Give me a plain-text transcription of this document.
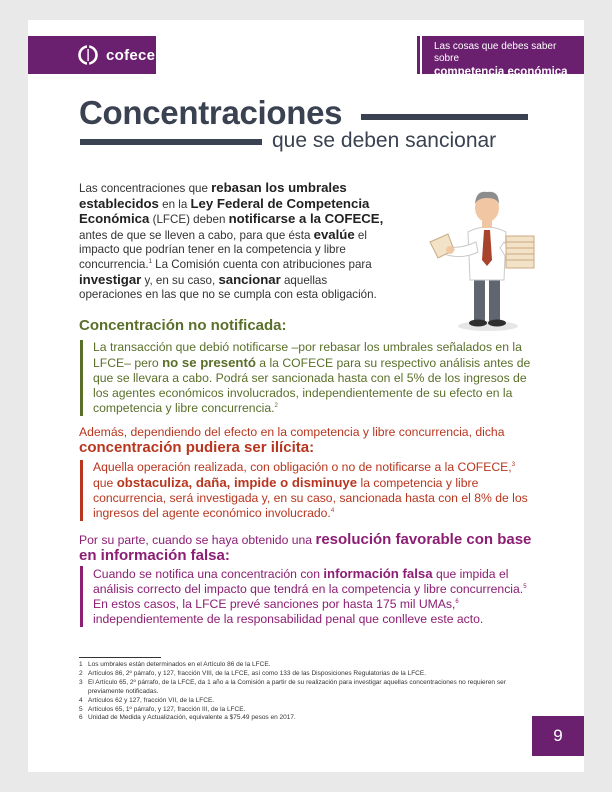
cofece	Las cosas que debes saber sobre
competencia económica
Concentraciones
que se deben sancionar
Las concentraciones que rebasan los umbrales establecidos en la Ley Federal de Competencia Económica (LFCE) deben notificarse a la COFECE, antes de que se lleven a cabo, para que ésta evalúe el impacto que podrían tener en la competencia y libre concurrencia.$^1$ La Comisión cuenta con atribuciones para investigar y, en su caso, sancionar aquellas operaciones en las que no se cumpla con esta obligación.
Concentración no notificada:
La transacción que debió notificarse –por rebasar los umbrales señalados en la LFCE– pero no se presentó a la COFECE para su respectivo análisis antes de que se llevara a cabo. Podrá ser sancionada hasta con el 5% de los ingresos de los agentes económicos involucrados, independientemente de su efecto en la competencia y libre concurrencia.$^2$
Además, dependiendo del efecto en la competencia y libre concurrencia, dicha concentración pudiera ser ilícita:
Aquella operación realizada, con obligación o no de notificarse a la COFECE,$^3$ que obstaculiza, daña, impide o disminuye la competencia y libre concurrencia, será investigada y, en su caso, sancionada hasta con el 8% de los ingresos del agente económico involucrado.$^4$
Por su parte, cuando se haya obtenido una resolución favorable con base en información falsa:
Cuando se notifica una concentración con información falsa que impida el análisis correcto del impacto que tendrá en la competencia y libre concurrencia.$^5$ En estos casos, la LFCE prevé sanciones por hasta 175 mil UMAs,$^6$ independientemente de la responsabilidad penal que conlleve este acto.
1 Los umbrales están determinados en el Artículo 86 de la LFCE.
2 Artículos 86, 2º párrafo, y 127, fracción VIII, de la LFCE, así como 133 de las Disposiciones Regulatorias de la LFCE.
3 El Artículo 65, 2º párrafo, de la LFCE, da 1 año a la Comisión a partir de su realización para investigar aquellas concentraciones no requieren ser previamente notificadas.
4 Artículos 62 y 127, fracción VII, de la LFCE.
5 Artículos 65, 1º párrafo, y 127, fracción III, de la LFCE.
6 Unidad de Medida y Actualización, equivalente a $75.49 pesos en 2017.
9
